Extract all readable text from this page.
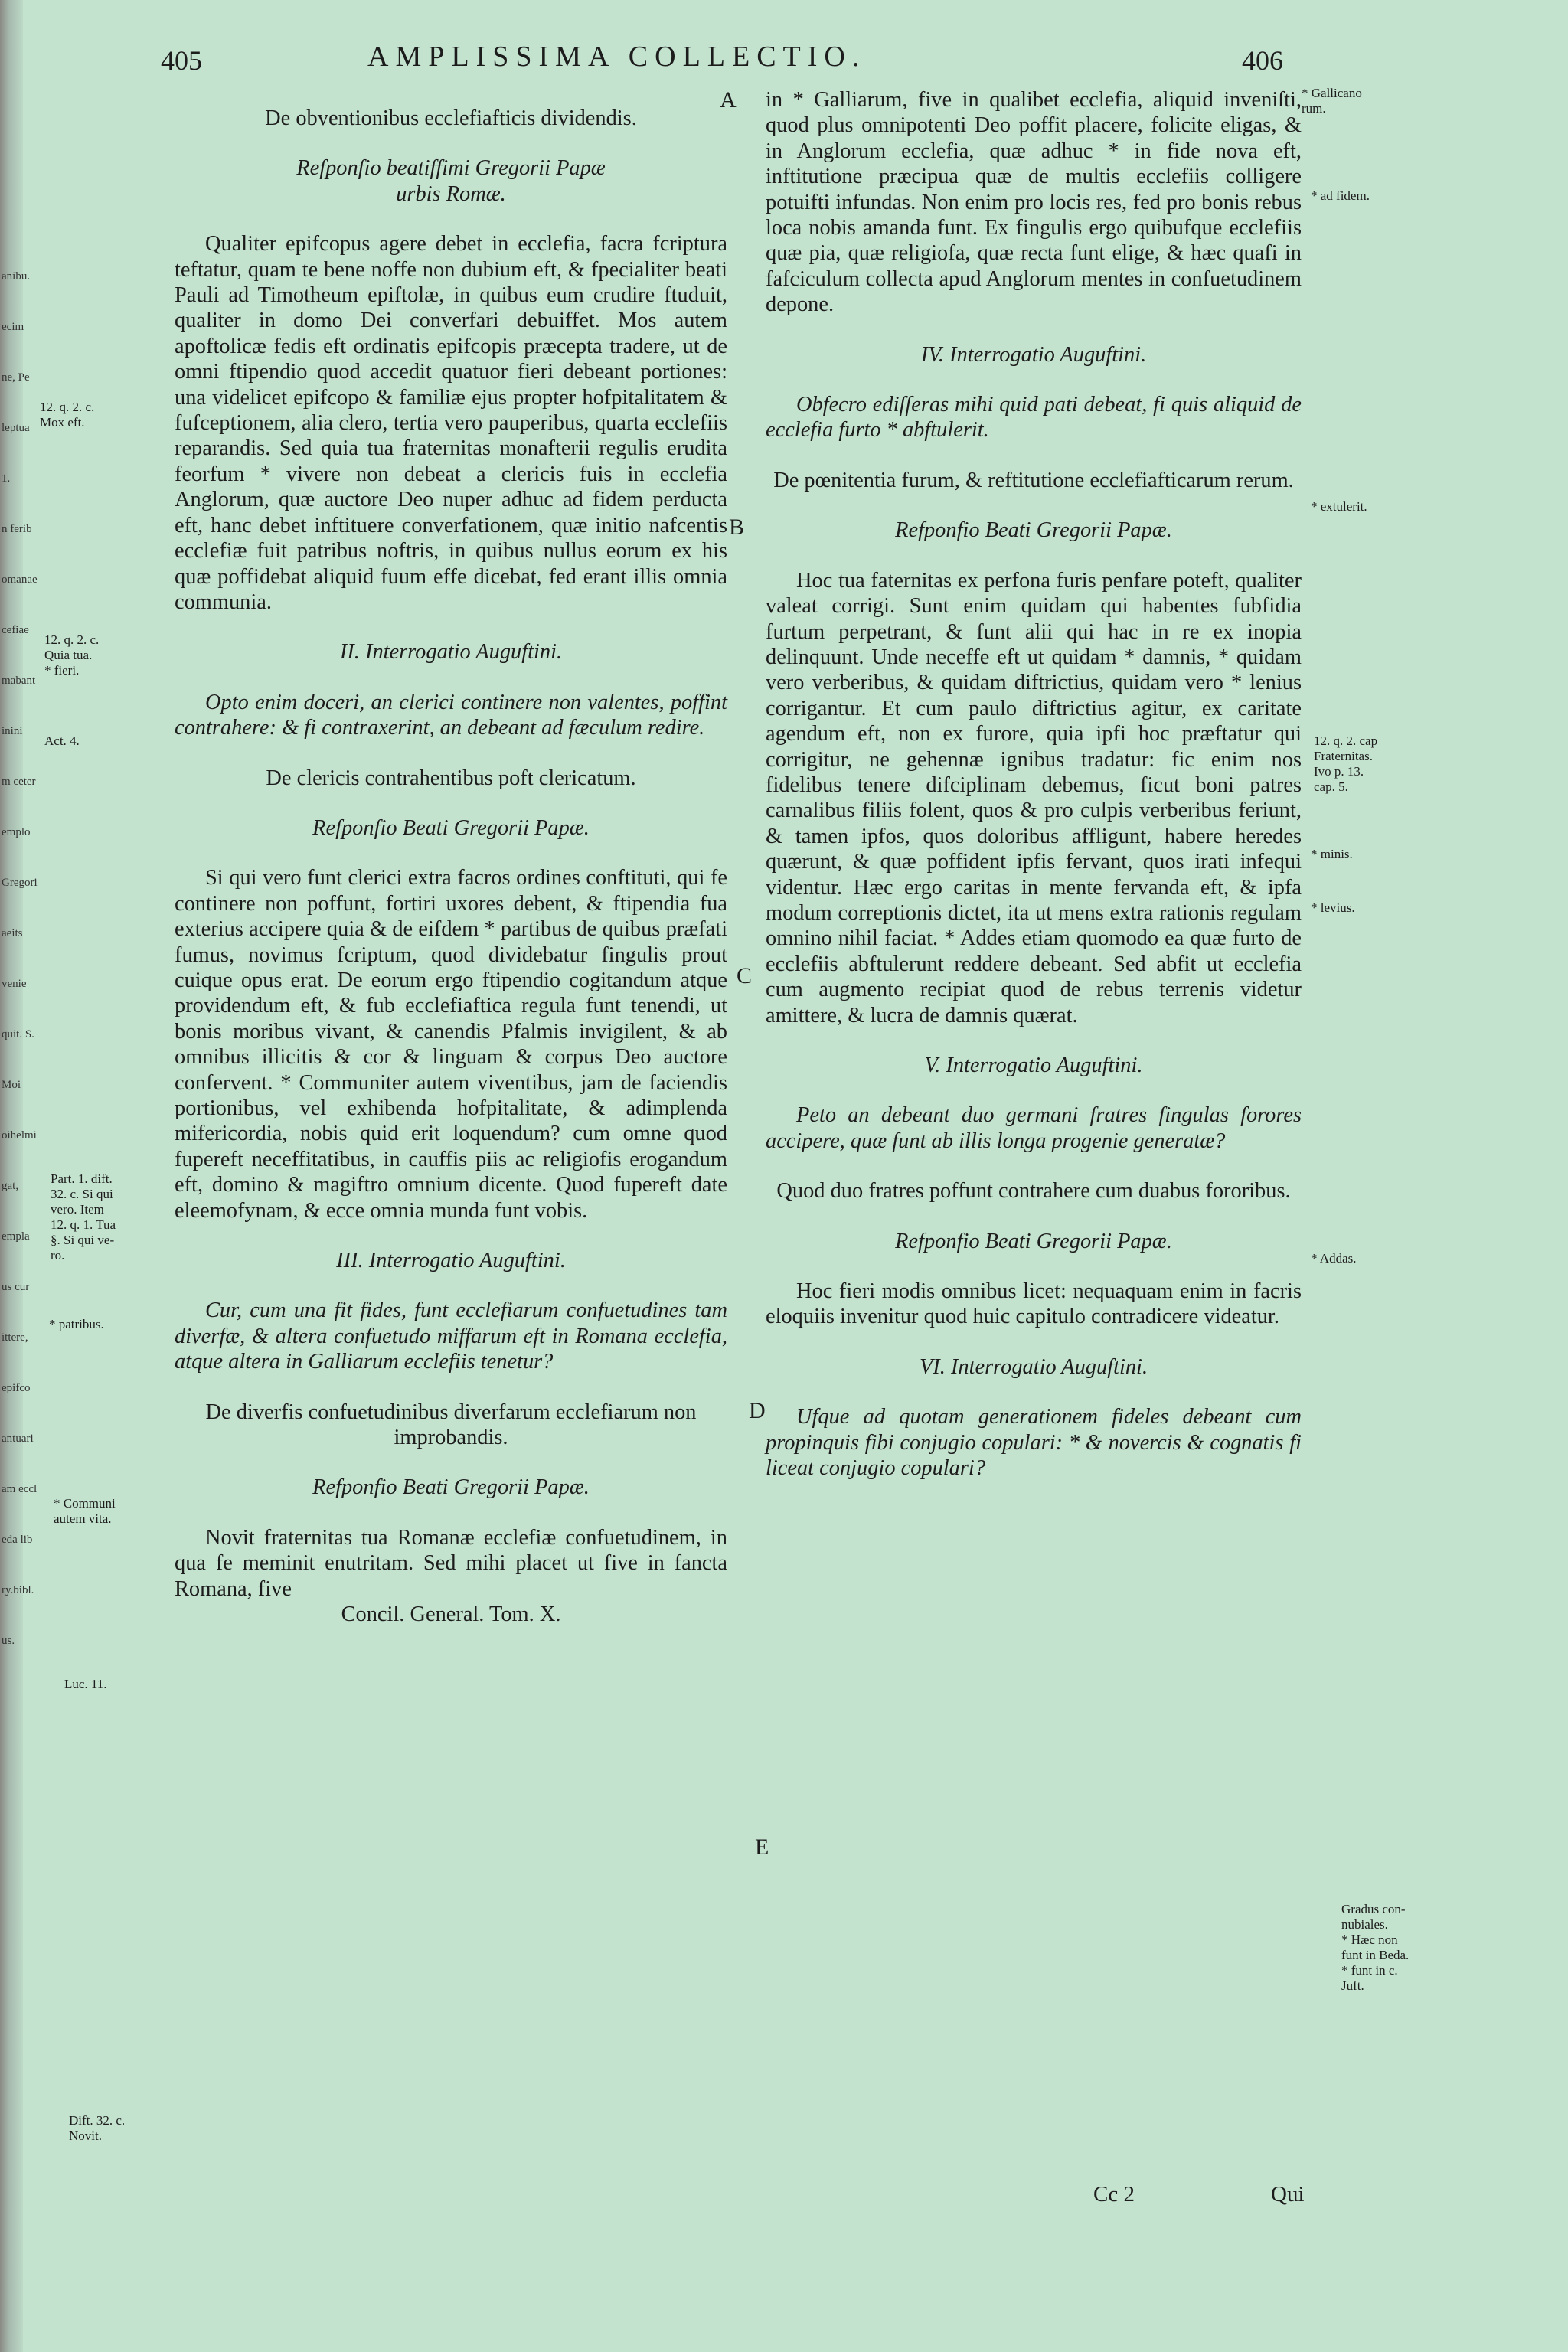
anibu.
ecim
ne, Pe
leptua
1.
n ferib
omanae
cefiae
mabant
inini
m ceter
emplo
Gregori
aeits
venie
quit. S.
Moi
oihelmi
gat,
empla
us cur
ittere,
epifco
antuari
am eccl
eda lib
ry.bibl.
us.
405	AMPLISSIMA COLLECTIO.	406

De obventionibus ecclefiafticis dividendis.

Refponfio beatiffimi Gregorii Papæ

urbis Romæ.

Qualiter epifcopus agere debet in ecclefia, facra fcriptura teftatur, quam te bene noffe non dubium eft, & fpecialiter beati Pauli ad Timotheum epiftolæ, in quibus eum crudire ftuduit, qualiter in domo Dei converfari debuiffet. Mos autem apoftolicæ fedis eft ordinatis epifcopis præcepta tradere, ut de omni ftipendio quod accedit quatuor fieri debeant portiones: una videlicet epifcopo & familiæ ejus propter hofpitalitatem & fufceptionem, alia clero, tertia vero pauperibus, quarta ecclefiis reparandis. Sed quia tua fraternitas monafterii regulis erudita feorfum * vivere non debeat a clericis fuis in ecclefia Anglorum, quæ auctore Deo nuper adhuc ad fidem perducta eft, hanc debet inftituere converfationem, quæ initio nafcentis ecclefiæ fuit patribus noftris, in quibus nullus eorum ex his quæ poffidebat aliquid fuum effe dicebat, fed erant illis omnia communia.

II. Interrogatio Auguftini.

Opto enim doceri, an clerici continere non valentes, poffint contrahere: & fi contraxerint, an debeant ad fæculum redire.

De clericis contrahentibus poft clericatum.

Refponfio Beati Gregorii Papæ.

Si qui vero funt clerici extra facros ordines conftituti, qui fe continere non poffunt, fortiri uxores debent, & ftipendia fua exterius accipere quia & de eifdem * partibus de quibus præfati fumus, novimus fcriptum, quod dividebatur fingulis prout cuique opus erat. De eorum ergo ftipendio cogitandum atque providendum eft, & fub ecclefiaftica regula funt tenendi, ut bonis moribus vivant, & canendis Pfalmis invigilent, & ab omnibus illicitis & cor & linguam & corpus Deo auctore confervent. * Communiter autem viventibus, jam de faciendis portionibus, vel exhibenda hofpitalitate, & adimplenda mifericordia, nobis quid erit loquendum? cum omne quod fupereft neceffitatibus, in cauffis piis ac religiofis erogandum eft, domino & magiftro omnium dicente. Quod fupereft date eleemofynam, & ecce omnia munda funt vobis.

III. Interrogatio Auguftini.

Cur, cum una fit fides, funt ecclefiarum confuetudines tam diverfæ, & altera confuetudo miffarum eft in Romana ecclefia, atque altera in Galliarum ecclefiis tenetur?

De diverfis confuetudinibus diverfarum ecclefiarum non improbandis.

Refponfio Beati Gregorii Papæ.

Novit fraternitas tua Romanæ ecclefiæ confuetudinem, in qua fe meminit enutritam. Sed mihi placet ut five in fancta Romana, five

Concil. General. Tom. X.

in * Galliarum, five in qualibet ecclefia, aliquid inveniſti, quod plus omnipotenti Deo poffit placere, folicite eligas, & in Anglorum ecclefia, quæ adhuc * in fide nova eft, inftitutione præcipua quæ de multis ecclefiis colligere potuifti infundas. Non enim pro locis res, fed pro bonis rebus loca nobis amanda funt. Ex fingulis ergo quibufque ecclefiis quæ pia, quæ religiofa, quæ recta funt elige, & hæc quafi in fafciculum collecta apud Anglorum mentes in confuetudinem depone.

IV. Interrogatio Auguftini.

Obfecro ediſſeras mihi quid pati debeat, fi quis aliquid de ecclefia furto * abftulerit.

De pœnitentia furum, & reftitutione ecclefiafticarum rerum.

Refponfio Beati Gregorii Papæ.

Hoc tua faternitas ex perfona furis penfare poteft, qualiter valeat corrigi. Sunt enim quidam qui habentes fubfidia furtum perpetrant, & funt alii qui hac in re ex inopia delinquunt. Unde neceffe eft ut quidam * damnis, * quidam vero verberibus, & quidam diftrictius, quidam vero * lenius corrigantur. Et cum paulo diftrictius agitur, ex caritate agendum eft, non ex furore, quia ipfi hoc præftatur qui corrigitur, ne gehennæ ignibus tradatur: fic enim nos fidelibus tenere difciplinam debemus, ficut boni patres carnalibus filiis folent, quos & pro culpis verberibus feriunt, & tamen ipfos, quos doloribus affligunt, habere heredes quærunt, & quæ poffident ipfis fervant, quos irati infequi videntur. Hæc ergo caritas in mente fervanda eft, & ipfa modum correptionis dictet, ita ut mens extra rationis regulam omnino nihil faciat. * Addes etiam quomodo ea quæ furto de ecclefiis abftulerunt reddere debeant. Sed abfit ut ecclefia cum augmento recipiat quod de rebus terrenis videtur amittere, & lucra de damnis quærat.

V. Interrogatio Auguftini.

Peto an debeant duo germani fratres fingulas forores accipere, quæ funt ab illis longa progenie generatæ?

Quod duo fratres poffunt contrahere cum duabus fororibus.

Refponfio Beati Gregorii Papæ.

Hoc fieri modis omnibus licet: nequaquam enim in facris eloquiis invenitur quod huic capitulo contradicere videatur.

VI. Interrogatio Auguftini.

Ufque ad quotam generationem fideles debeant cum propinquis fibi conjugio copulari: * & novercis & cognatis fi liceat conjugio copulari?

12. q. 2. c.
Mox eft.
12. q. 2. c.
Quia tua.
* fieri.
Act. 4.
Part. 1. dift.
32. c. Si qui
vero. Item
12. q. 1. Tua
§. Si qui ve-
ro.
* patribus.
* Communi
autem vita.
Luc. 11.
Dift. 32. c.
Novit.
* Gallicano
rum.
* ad fidem.
* extulerit.
12. q. 2. cap
Fraternitas.
Ivo p. 13.
cap. 5.
* minis.
* levius.
* Addas.
Gradus con-
nubiales.
* Hæc non
funt in Beda.
* funt in c.
Juft.
A
B
C
D
E
Cc 2	Qui
